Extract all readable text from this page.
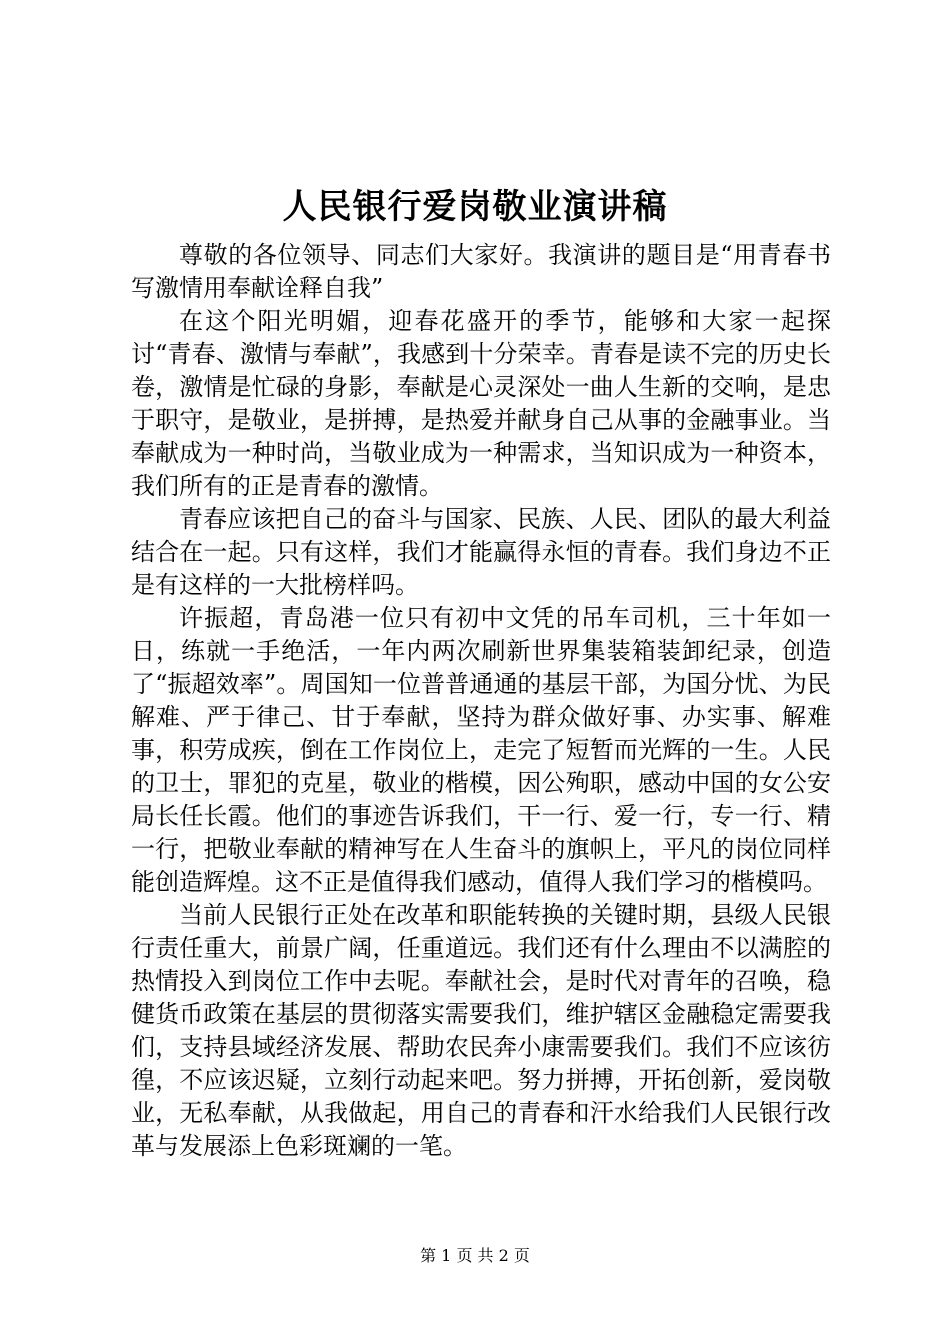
人民银行爱岗敬业演讲稿

尊敬的各位领导、同志们大家好。我演讲的题目是“用青春书写激情用奉献诠释自我”

在这个阳光明媚，迎春花盛开的季节，能够和大家一起探讨“青春、激情与奉献”，我感到十分荣幸。青春是读不完的历史长卷，激情是忙碌的身影，奉献是心灵深处一曲人生新的交响，是忠于职守，是敬业，是拼搏，是热爱并献身自己从事的金融事业。当奉献成为一种时尚，当敬业成为一种需求，当知识成为一种资本，我们所有的正是青春的激情。

青春应该把自己的奋斗与国家、民族、人民、团队的最大利益结合在一起。只有这样，我们才能赢得永恒的青春。我们身边不正是有这样的一大批榜样吗。

许振超，青岛港一位只有初中文凭的吊车司机，三十年如一日，练就一手绝活，一年内两次刷新世界集装箱装卸纪录，创造了“振超效率”。周国知一位普普通通的基层干部，为国分忧、为民解难、严于律己、甘于奉献，坚持为群众做好事、办实事、解难事，积劳成疾，倒在工作岗位上，走完了短暂而光辉的一生。人民的卫士，罪犯的克星，敬业的楷模，因公殉职，感动中国的女公安局长任长霞。他们的事迹告诉我们，干一行、爱一行，专一行、精一行，把敬业奉献的精神写在人生奋斗的旗帜上，平凡的岗位同样能创造辉煌。这不正是值得我们感动，值得人我们学习的楷模吗。

当前人民银行正处在改革和职能转换的关键时期，县级人民银行责任重大，前景广阔，任重道远。我们还有什么理由不以满腔的热情投入到岗位工作中去呢。奉献社会，是时代对青年的召唤，稳健货币政策在基层的贯彻落实需要我们，维护辖区金融稳定需要我们，支持县域经济发展、帮助农民奔小康需要我们。我们不应该彷徨，不应该迟疑，立刻行动起来吧。努力拼搏，开拓创新，爱岗敬业，无私奉献，从我做起，用自己的青春和汗水给我们人民银行改革与发展添上色彩斑斓的一笔。

第 1 页 共 2 页
